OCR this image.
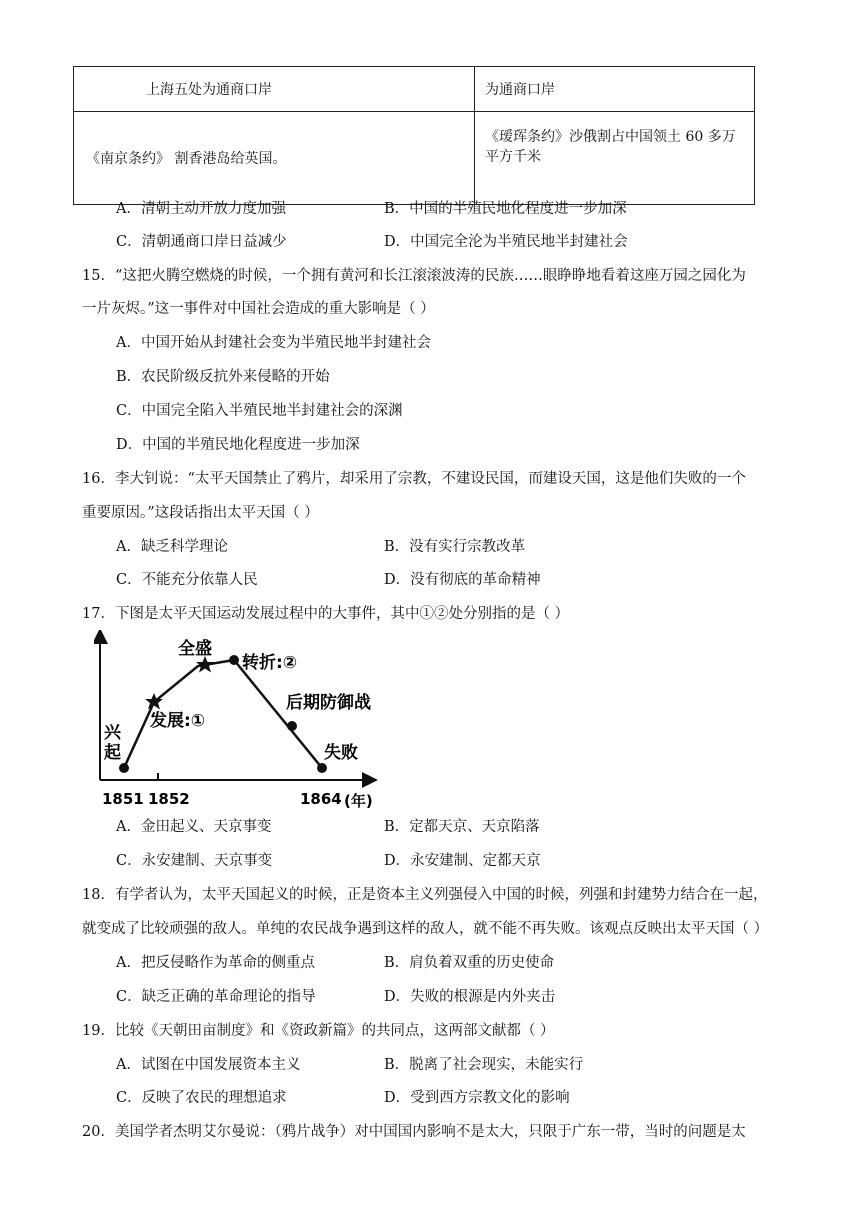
上海五处为通商口岸	为通商口岸
《南京条约》 割香港岛给英国。	《瑷珲条约》沙俄割占中国领土 60 多万平方千米
A．清朝主动开放力度加强	B．中国的半殖民地化程度进一步加深
C．清朝通商口岸日益减少	D．中国完全沦为半殖民地半封建社会
15．“这把火腾空燃烧的时候，一个拥有黄河和长江滚滚波涛的民族……眼睁睁地看着这座万园之园化为
一片灰烬。”这一事件对中国社会造成的重大影响是（ ）
A．中国开始从封建社会变为半殖民地半封建社会
B．农民阶级反抗外来侵略的开始
C．中国完全陷入半殖民地半封建社会的深渊
D．中国的半殖民地化程度进一步加深
16．李大钊说：“太平天国禁止了鸦片，却采用了宗教，不建设民国，而建设天国，这是他们失败的一个
重要原因。”这段话指出太平天国（ ）
A．缺乏科学理论	B．没有实行宗教改革
C．不能充分依靠人民	D．没有彻底的革命精神
17．下图是太平天国运动发展过程中的大事件，其中①②处分别指的是（ ）
兴
起
发展:①
全盛
转折:②
后期防御战
失败
1851 1852	1864 (年)
A．金田起义、天京事变	B．定都天京、天京陷落
C．永安建制、天京事变	D．永安建制、定都天京
18．有学者认为，太平天国起义的时候，正是资本主义列强侵入中国的时候，列强和封建势力结合在一起，
就变成了比较顽强的敌人。单纯的农民战争遇到这样的敌人，就不能不再失败。该观点反映出太平天国（ ）
A．把反侵略作为革命的侧重点	B．肩负着双重的历史使命
C．缺乏正确的革命理论的指导	D．失败的根源是内外夹击
19．比较《天朝田亩制度》和《资政新篇》的共同点，这两部文献都（ ）
A．试图在中国发展资本主义	B．脱离了社会现实，未能实行
C．反映了农民的理想追求	D．受到西方宗教文化的影响
20．美国学者杰明艾尔曼说：（鸦片战争）对中国国内影响不是太大，只限于广东一带，当时的问题是太
